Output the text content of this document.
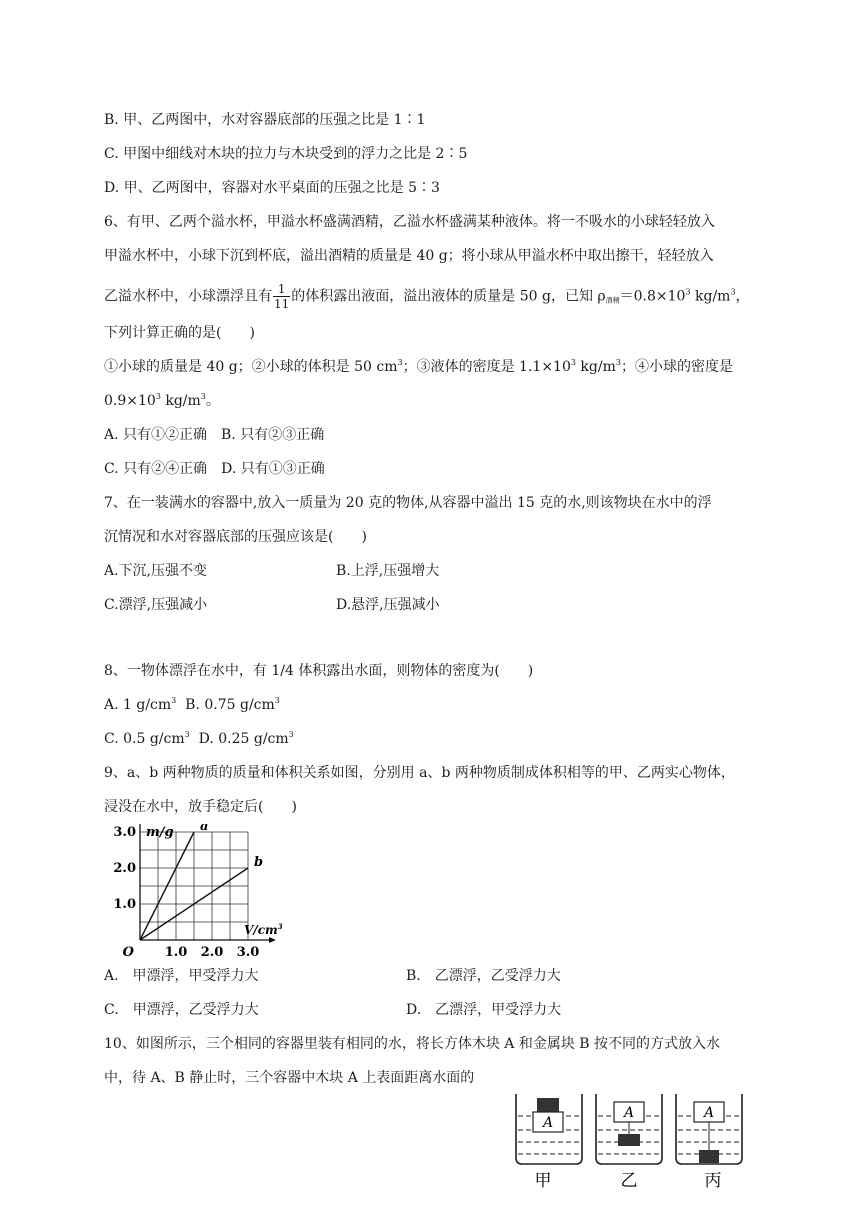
B. 甲、乙两图中，水对容器底部的压强之比是 1∶1
C. 甲图中细线对木块的拉力与木块受到的浮力之比是 2∶5
D. 甲、乙两图中，容器对水平桌面的压强之比是 5∶3
6、有甲、乙两个溢水杯，甲溢水杯盛满酒精，乙溢水杯盛满某种液体。将一不吸水的小球轻轻放入
甲溢水杯中，小球下沉到杯底，溢出酒精的质量是 40 g；将小球从甲溢水杯中取出擦干，轻轻放入
乙溢水杯中，小球漂浮且有 $\frac{1}{11}$ 的体积露出液面，溢出液体的质量是 50 g，已知 $\rho_{酒精}=0.8\times 10^3$ $kg/m^3$，
下列计算正确的是(　　)
①小球的质量是 40 g；②小球的体积是 50 $cm^3$；③液体的密度是 $1.1\times 10^3$ $kg/m^3$；④小球的密度是
$0.9\times 10^3$ $kg/m^3$。
A. 只有①②正确　B. 只有②③正确
C. 只有②④正确　D. 只有①③正确
7、在一装满水的容器中,放入一质量为 20 克的物体,从容器中溢出 15 克的水,则该物块在水中的浮
沉情况和水对容器底部的压强应该是(　　)
A.下沉,压强不变	B.上浮,压强增大
C.漂浮,压强减小	D.悬浮,压强减小
8、一物体漂浮在水中，有 1/4 体积露出水面，则物体的密度为(　　)
A. 1 $g/cm^3$ B. 0.75 $g/cm^3$
C. 0.5 $g/cm^3$ D. 0.25 $g/cm^3$
9、a、b 两种物质的质量和体积关系如图，分别用 a、b 两种物质制成体积相等的甲、乙两实心物体，
浸没在水中，放手稳定后(　　)
a
b
1.0 2.0 3.0
1.0
2.0
3.0
O
m/g
$V/cm^3$
A.　甲漂浮，甲受浮力大	B.　乙漂浮，乙受浮力大
C.　甲漂浮，乙受浮力大	D.　乙漂浮，甲受浮力大
10、如图所示，三个相同的容器里装有相同的水，将长方体木块 A 和金属块 B 按不同的方式放入水
中，待 A、B 静止时，三个容器中木块 A 上表面距离水面的
A
A	A
甲	乙	丙
